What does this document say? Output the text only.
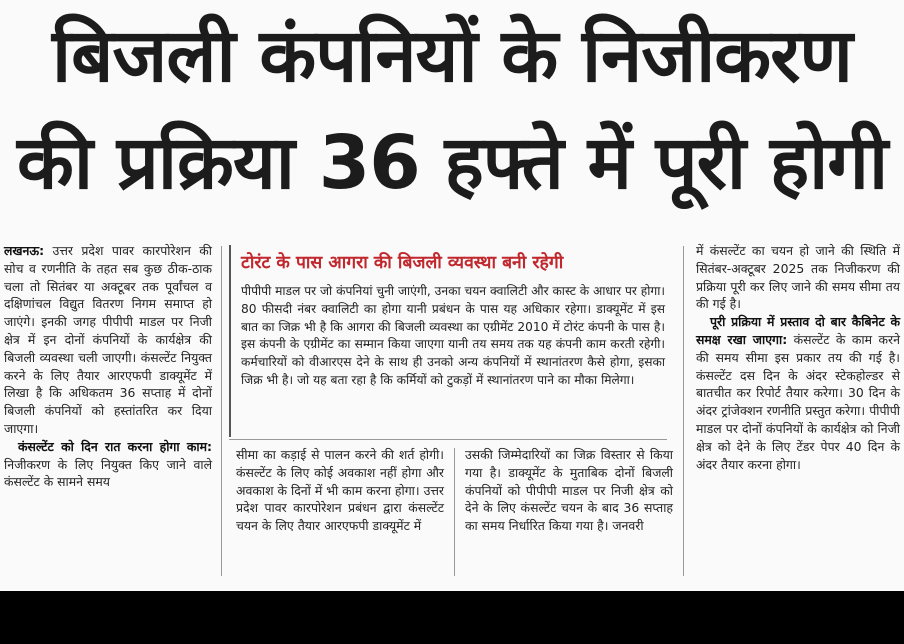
बिजली कंपनियों के निजीकरण
की प्रक्रिया 36 हफ्ते में पूरी होगी

लखनऊ: उत्तर प्रदेश पावर कारपोरेशन की सोच व रणनीति के तहत सब कुछ ठीक-ठाक चला तो सितंबर या अक्टूबर तक पूर्वांचल व दक्षिणांचल विद्युत वितरण निगम समाप्त हो जाएंगे। इनकी जगह पीपीपी माडल पर निजी क्षेत्र में इन दोनों कंपनियों के कार्यक्षेत्र की बिजली व्यवस्था चली जाएगी। कंसल्टेंट नियुक्त करने के लिए तैयार आरएफपी डाक्यूमेंट में लिखा है कि अधिकतम 36 सप्ताह में दोनों बिजली कंपनियों को हस्तांतरित कर दिया जाएगा।

कंसल्टेंट को दिन रात करना होगा काम: निजीकरण के लिए नियुक्त किए जाने वाले कंसल्टेंट के सामने समय

टोरंट के पास आगरा की बिजली व्यवस्था बनी रहेगी
पीपीपी माडल पर जो कंपनियां चुनी जाएंगी, उनका चयन क्वालिटी और कास्ट के आधार पर होगा। 80 फीसदी नंबर क्वालिटी का होगा यानी प्रबंधन के पास यह अधिकार रहेगा। डाक्यूमेंट में इस बात का जिक्र भी है कि आगरा की बिजली व्यवस्था का एग्रीमेंट 2010 में टोरंट कंपनी के पास है। इस कंपनी के एग्रीमेंट का सम्मान किया जाएगा यानी तय समय तक यह कंपनी काम करती रहेगी। कर्मचारियों को वीआरएस देने के साथ ही उनको अन्य कंपनियों में स्थानांतरण कैसे होगा, इसका जिक्र भी है। जो यह बता रहा है कि कर्मियों को टुकड़ों में स्थानांतरण पाने का मौका मिलेगा।

सीमा का कड़ाई से पालन करने की शर्त होगी। कंसल्टेंट के लिए कोई अवकाश नहीं होगा और अवकाश के दिनों में भी काम करना होगा। उत्तर प्रदेश पावर कारपोरेशन प्रबंधन द्वारा कंसल्टेंट चयन के लिए तैयार आरएफपी डाक्यूमेंट में

उसकी जिम्मेदारियों का जिक्र विस्तार से किया गया है। डाक्यूमेंट के मुताबिक दोनों बिजली कंपनियों को पीपीपी माडल पर निजी क्षेत्र को देने के लिए कंसल्टेंट चयन के बाद 36 सप्ताह का समय निर्धारित किया गया है। जनवरी

में कंसल्टेंट का चयन हो जाने की स्थिति में सितंबर-अक्टूबर 2025 तक निजीकरण की प्रक्रिया पूरी कर लिए जाने की समय सीमा तय की गई है।

पूरी प्रक्रिया में प्रस्ताव दो बार कैबिनेट के समक्ष रखा जाएगा: कंसल्टेंट के काम करने की समय सीमा इस प्रकार तय की गई है। कंसल्टेंट दस दिन के अंदर स्टेकहोल्डर से बातचीत कर रिपोर्ट तैयार करेगा। 30 दिन के अंदर ट्रांजेक्शन रणनीति प्रस्तुत करेगा। पीपीपी माडल पर दोनों कंपनियों के कार्यक्षेत्र को निजी क्षेत्र को देने के लिए टेंडर पेपर 40 दिन के अंदर तैयार करना होगा।
